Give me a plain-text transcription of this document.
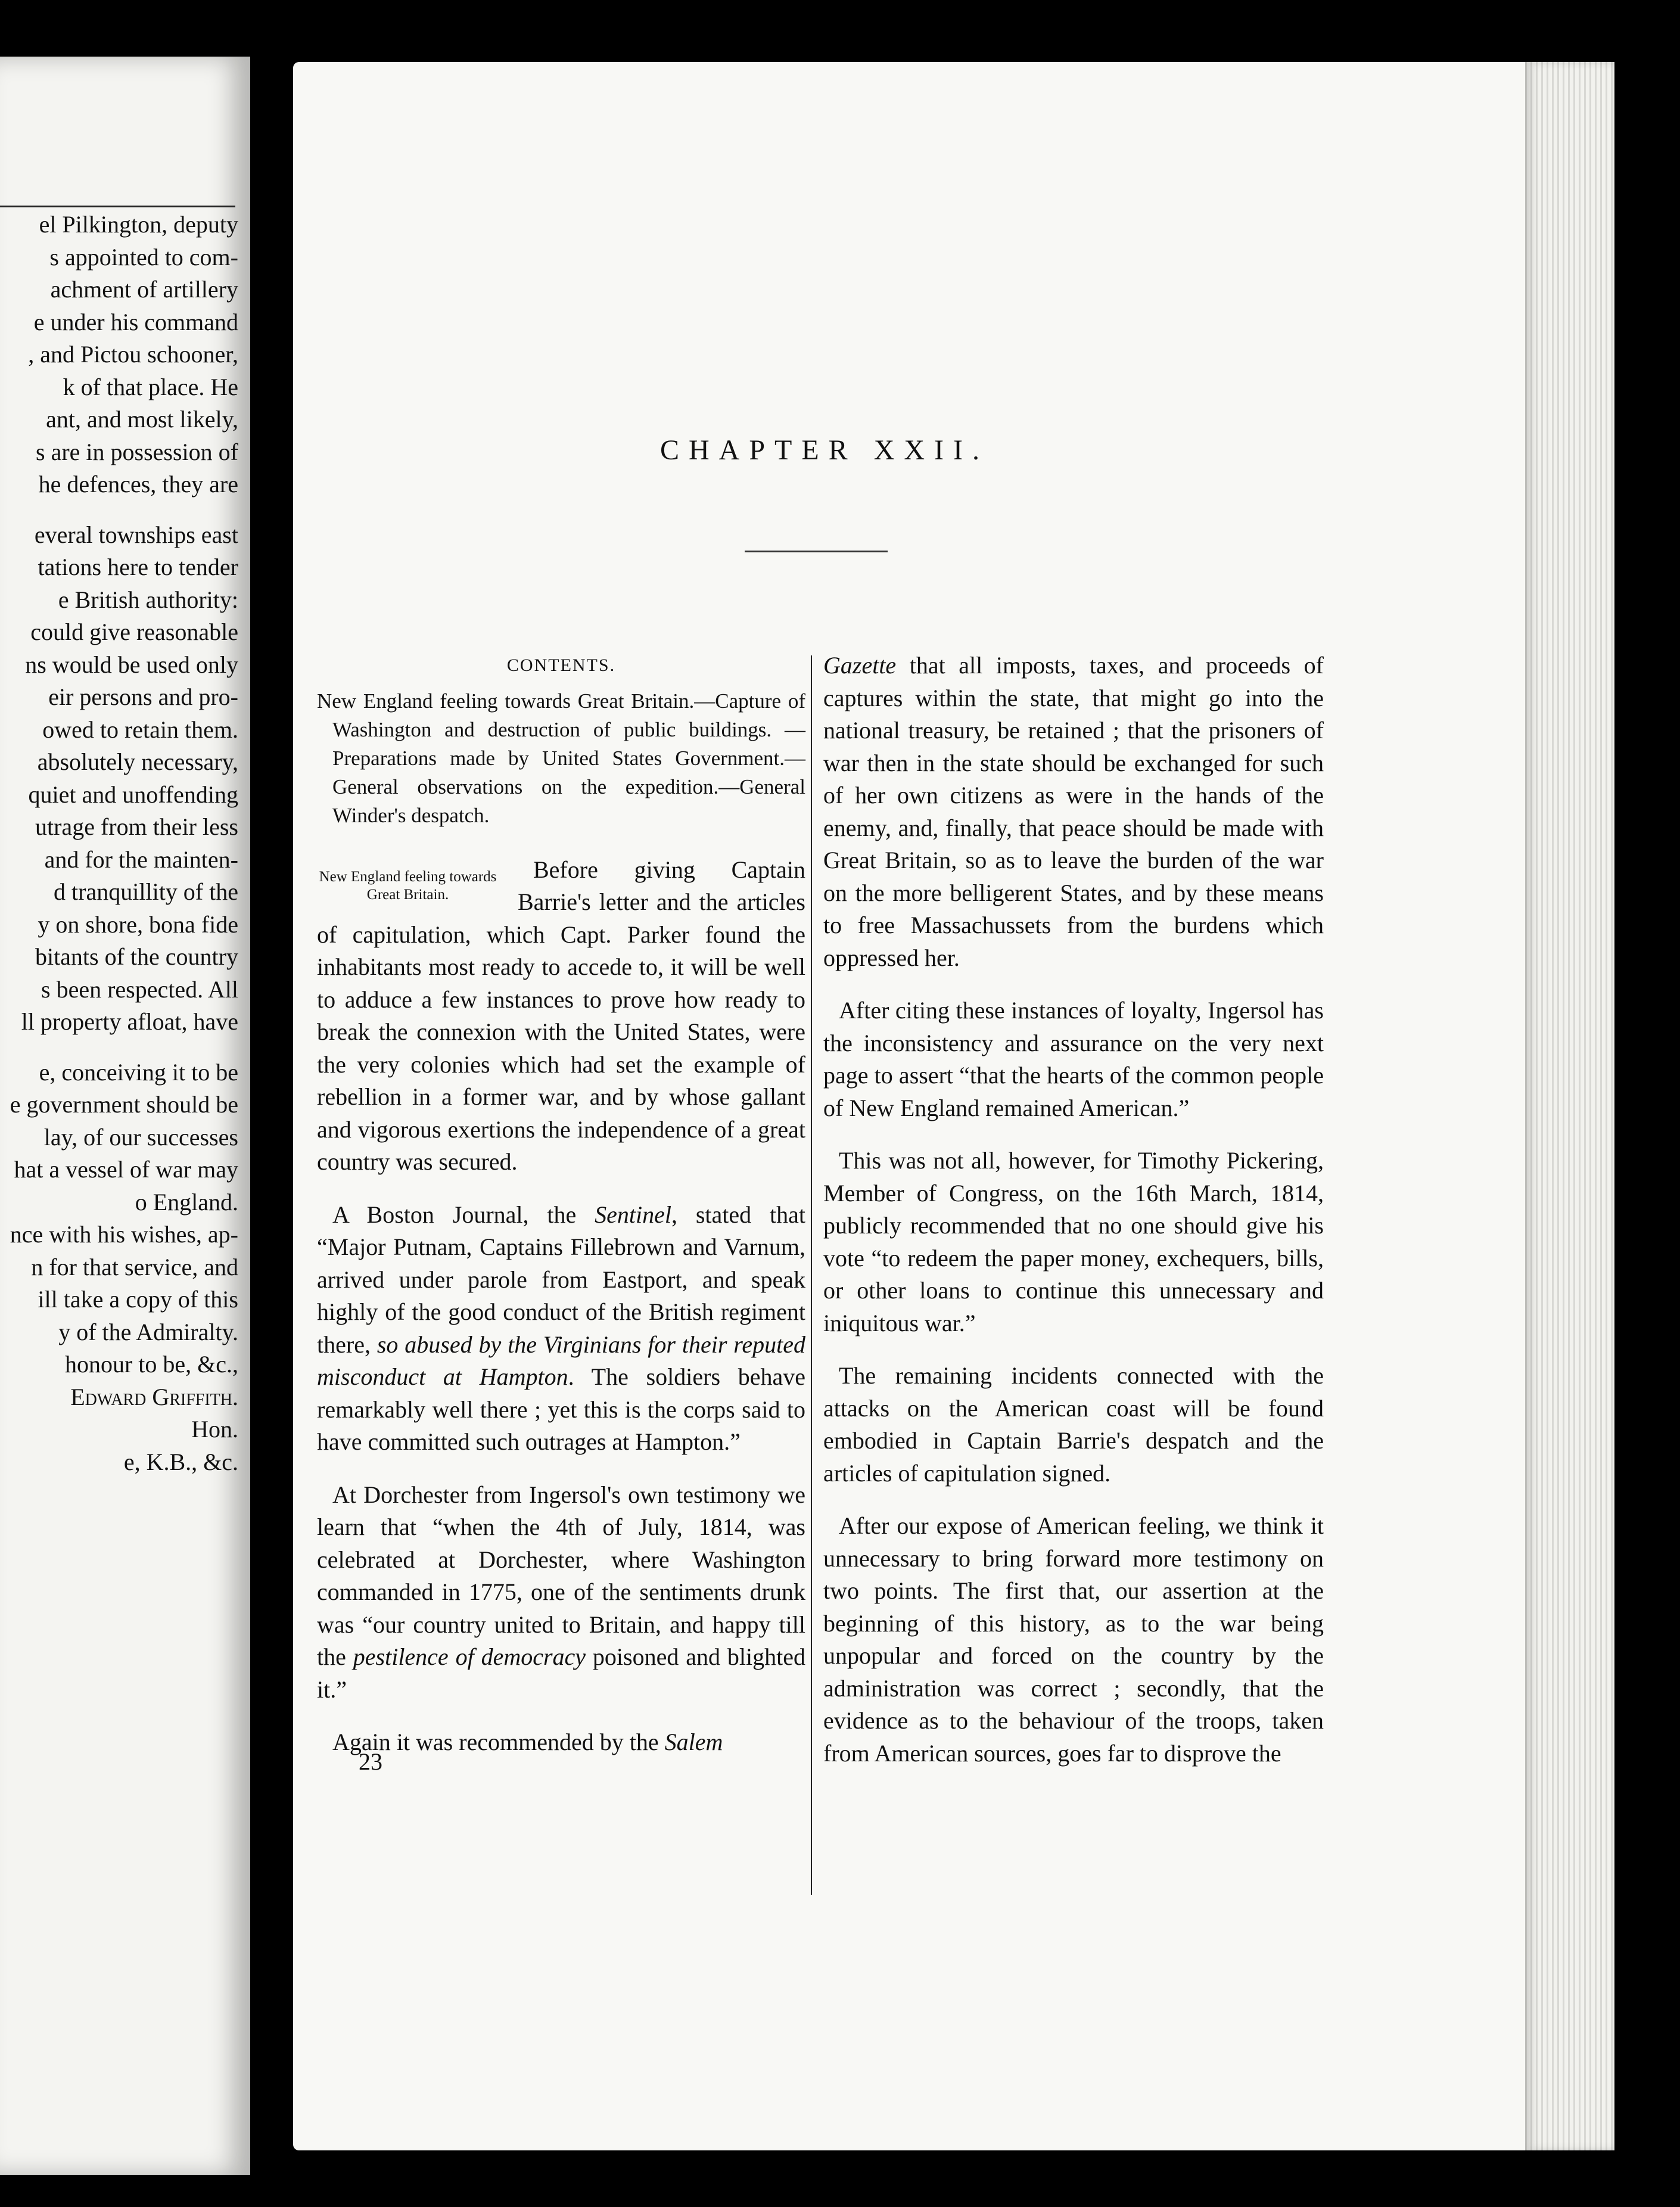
el Pilkington, deputy
s appointed to com-
achment of artillery
e under his command
, and Pictou schooner,
k of that place. He
ant, and most likely,
s are in possession of
he defences, they are
everal townships east
tations here to tender
e British authority:
could give reasonable
ns would be used only
eir persons and pro-
owed to retain them.
absolutely necessary,
quiet and unoffending
utrage from their less
and for the mainten-
d tranquillity of the
y on shore, bona fide
bitants of the country
s been respected. All
ll property afloat, have
e, conceiving it to be
e government should be
lay, of our successes
hat a vessel of war may
o England.
nce with his wishes, ap-
n for that service, and
ill take a copy of this
y of the Admiralty.
honour to be, &c.,
Edward Griffith.
Hon.
e, K.B., &c.
CHAPTER XXII.
CONTENTS.
New England feeling towards Great Britain.—Capture of Washington and destruction of public buildings. — Preparations made by United States Government.—General observations on the expedition.—General Winder's despatch.

New England feeling towards Great Britain.
Before giving Captain Barrie's letter and the articles of capitulation, which Capt. Parker found the inhabitants most ready to accede to, it will be well to adduce a few instances to prove how ready to break the connexion with the United States, were the very colonies which had set the example of rebellion in a former war, and by whose gallant and vigorous exertions the independence of a great country was secured.

A Boston Journal, the Sentinel, stated that “Major Putnam, Captains Fillebrown and Varnum, arrived under parole from Eastport, and speak highly of the good conduct of the British regiment there, so abused by the Virginians for their reputed misconduct at Hampton. The soldiers behave remarkably well there ; yet this is the corps said to have committed such outrages at Hampton.”

At Dorchester from Ingersol's own testimony we learn that “when the 4th of July, 1814, was celebrated at Dorchester, where Washington commanded in 1775, one of the sentiments drunk was “our country united to Britain, and happy till the pestilence of democracy poisoned and blighted it.”

Again it was recommended by the Salem

23

Gazette that all imposts, taxes, and proceeds of captures within the state, that might go into the national treasury, be retained ; that the prisoners of war then in the state should be exchanged for such of her own citizens as were in the hands of the enemy, and, finally, that peace should be made with Great Britain, so as to leave the burden of the war on the more belligerent States, and by these means to free Massachussets from the burdens which oppressed her.

After citing these instances of loyalty, Ingersol has the inconsistency and assurance on the very next page to assert “that the hearts of the common people of New England remained American.”

This was not all, however, for Timothy Pickering, Member of Congress, on the 16th March, 1814, publicly recommended that no one should give his vote “to redeem the paper money, exchequers, bills, or other loans to continue this unnecessary and iniquitous war.”

The remaining incidents connected with the attacks on the American coast will be found embodied in Captain Barrie's despatch and the articles of capitulation signed.

After our expose of American feeling, we think it unnecessary to bring forward more testimony on two points. The first that, our assertion at the beginning of this history, as to the war being unpopular and forced on the country by the administration was correct ; secondly, that the evidence as to the behaviour of the troops, taken from American sources, goes far to disprove the
